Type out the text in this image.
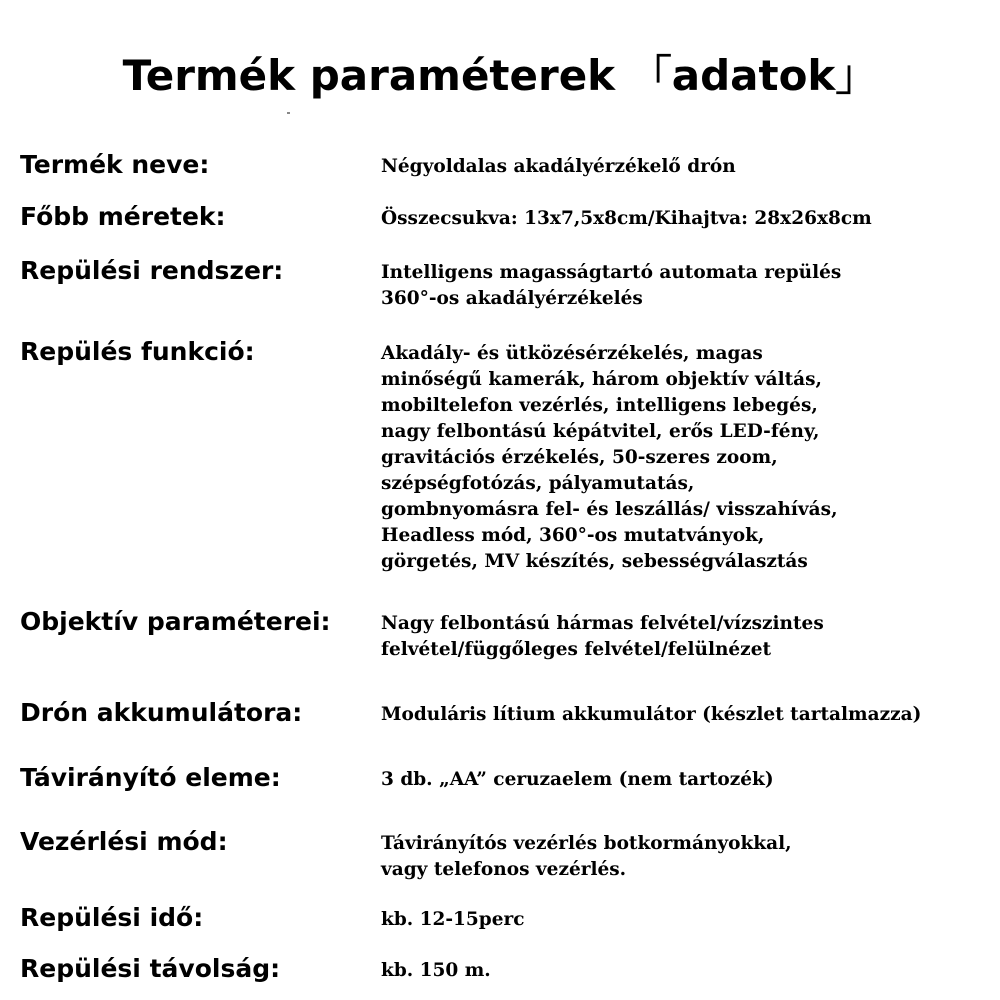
Termék paraméterek 「adatok」
Termék neve:	Négyoldalas akadályérzékelő drón
Főbb méretek:	Összecsukva: 13x7,5x8cm/Kihajtva: 28x26x8cm
Repülési rendszer:	Intelligens magasságtartó automata repülés
360°-os akadályérzékelés
Repülés funkció:	Akadály- és ütközésérzékelés, magas
minőségű kamerák, három objektív váltás,
mobiltelefon vezérlés, intelligens lebegés,
nagy felbontású képátvitel, erős LED-fény,
gravitációs érzékelés, 50-szeres zoom,
szépségfotózás, pályamutatás,
gombnyomásra fel- és leszállás/ visszahívás,
Headless mód, 360°-os mutatványok,
görgetés, MV készítés, sebességválasztás
Objektív paraméterei:	Nagy felbontású hármas felvétel/vízszintes
felvétel/függőleges felvétel/felülnézet
Drón akkumulátora:	Moduláris lítium akkumulátor (készlet tartalmazza)
Távirányító eleme:	3 db. „AA” ceruzaelem (nem tartozék)
Vezérlési mód:	Távirányítós vezérlés botkormányokkal,
vagy telefonos vezérlés.
Repülési idő:	kb. 12-15perc
Repülési távolság:	kb. 150 m.
